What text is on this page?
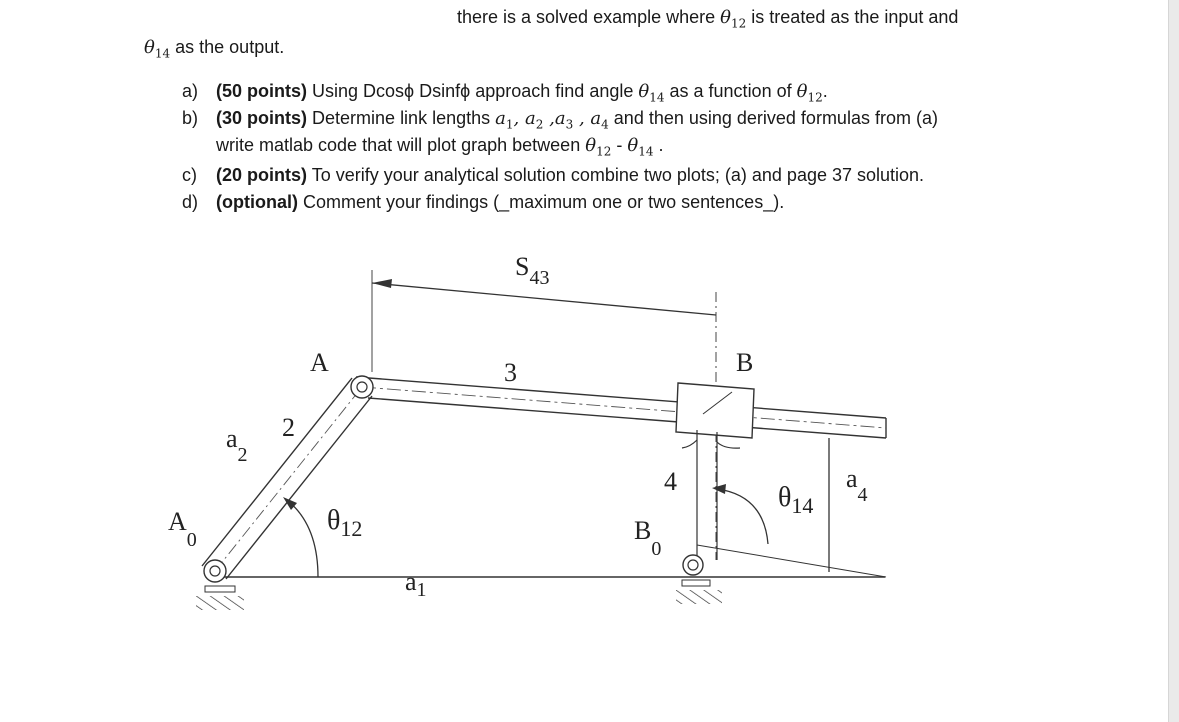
there is a solved example where $\theta_{12}$ is treated as the input and
$\theta_{14}$ as the output.
a) (50 points) Using Dcosϕ Dsinfϕ approach find angle $\theta_{14}$ as a function of $\theta_{12}$.
b) (30 points) Determine link lengths $a_1$, $a_2$ $,a_3$ , $a_4$ and then using derived formulas from (a)
write matlab code that will plot graph between $\theta_{12} - \theta_{14}$ .
c) (20 points) To verify your analytical solution combine two plots; (a) and page 37 solution.
d) (optional) Comment your findings (_maximum one or two sentences_).
$S_{43}$
A	B
3
2
4
$a_2$
$a_1$
$a_4$
$A_0$	$B_0$
$\theta_{12}$
$\theta_{14}$
